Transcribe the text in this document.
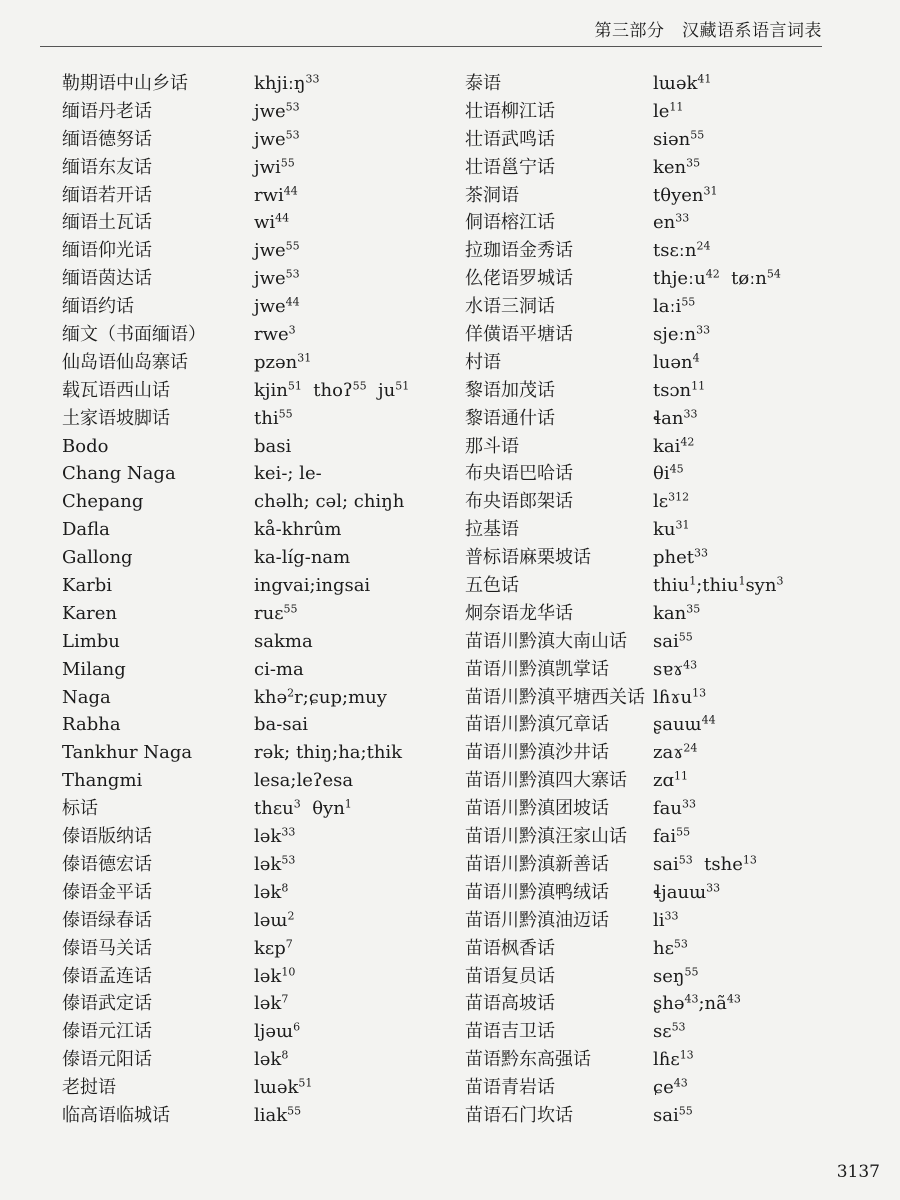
第三部分　汉藏语系语言词表
勒期语中山乡话	khjiːŋ$^{33}$
缅语丹老话	jwe$^{53}$
缅语德努话	jwe$^{53}$
缅语东友话	jwi$^{55}$
缅语若开话	rwi$^{44}$
缅语土瓦话	$wi^{44}$
缅语仰光话	jwe$^{55}$
缅语茵达话	jwe$^{53}$
缅语约话	jwe$^{44}$
缅文（书面缅语）	rwe$^3$
仙岛语仙岛寨话	pzən$^{31}$
载瓦语西山话	kjin$^{51}$  thoʔ$^{55}$  $ju^{51}$
土家语坡脚话	thi$^{55}$
Bodo	basi
Chang Naga	kei-; le-
Chepang	chəlh; cəl; chiŋh
Dafla	kå-khrûm
Gallong	ka-líg-nam
Karbi	ingvai;ingsai
Karen	ruɛ$^{55}$
Limbu	sakma
Milang	ci-ma
Naga	khə$^2$r;ɕup;muy
Rabha	ba-sai
Tankhur Naga	rək; thiŋ;ha;thik
Thangmi	lesa;leʔesa
标话	thɛu$^3$  θyn$^1$
傣语版纳话	lək$^{33}$
傣语德宏话	lək$^{53}$
傣语金平话	lək$^8$
傣语绿春话	ləɯ$^2$
傣语马关话	kɛp$^7$
傣语孟连话	lək$^{10}$
傣语武定话	lək$^7$
傣语元江话	ljəɯ$^6$
傣语元阳话	lək$^8$
老挝语	lɯək$^{51}$
临高语临城话	liak$^{55}$
泰语	lɯək$^{41}$
壮语柳江话	$le^{11}$
壮语武鸣话	siən$^{55}$
壮语邕宁话	ken$^{35}$
茶洞语	tθyen$^{31}$
侗语榕江话	$en^{33}$
拉珈语金秀话	tsɛːn$^{24}$
仫佬语罗城话	thjeːu$^{42}$  tøːn$^{54}$
水语三洞话	laːi$^{55}$
佯僙语平塘话	sjeːn$^{33}$
村语	luən$^4$
黎语加茂话	tsɔn$^{11}$
黎语通什话	ɬan$^{33}$
那斗语	kai$^{42}$
布央语巴哈话	$\theta i^{45}$
布央语郎架话	lɛ$^{312}$
拉基语	$ku^{31}$
普标语麻栗坡话	phet$^{33}$
五色话	thiu$^1$;thiu$^1$syn$^3$
炯奈语龙华话	kan$^{35}$
苗语川黔滇大南山话	sai$^{55}$
苗语川黔滇凯掌话	sɐɤ$^{43}$
苗语川黔滇平塘西关话 lɦɤu$^{13}$
苗语川黔滇冗章话	ʂauɯ$^{44}$
苗语川黔滇沙井话	zaɤ$^{24}$
苗语川黔滇四大寨话	zɑ$^{11}$
苗语川黔滇团坡话	fau$^{33}$
苗语川黔滇汪家山话	fai$^{55}$
苗语川黔滇新善话	sai$^{53}$  tshe$^{13}$
苗语川黔滇鸭绒话	ɬjauɯ$^{33}$
苗语川黔滇油迈话	$li^{33}$
苗语枫香话	hɛ$^{53}$
苗语复员话	seŋ$^{55}$
苗语高坡话	$ʂhə^{43};nã^{43}$
苗语吉卫话	sɛ$^{53}$
苗语黔东高强话	lɦɛ$^{13}$
苗语青岩话	ɕe$^{43}$
苗语石门坎话	sai$^{55}$
3137
